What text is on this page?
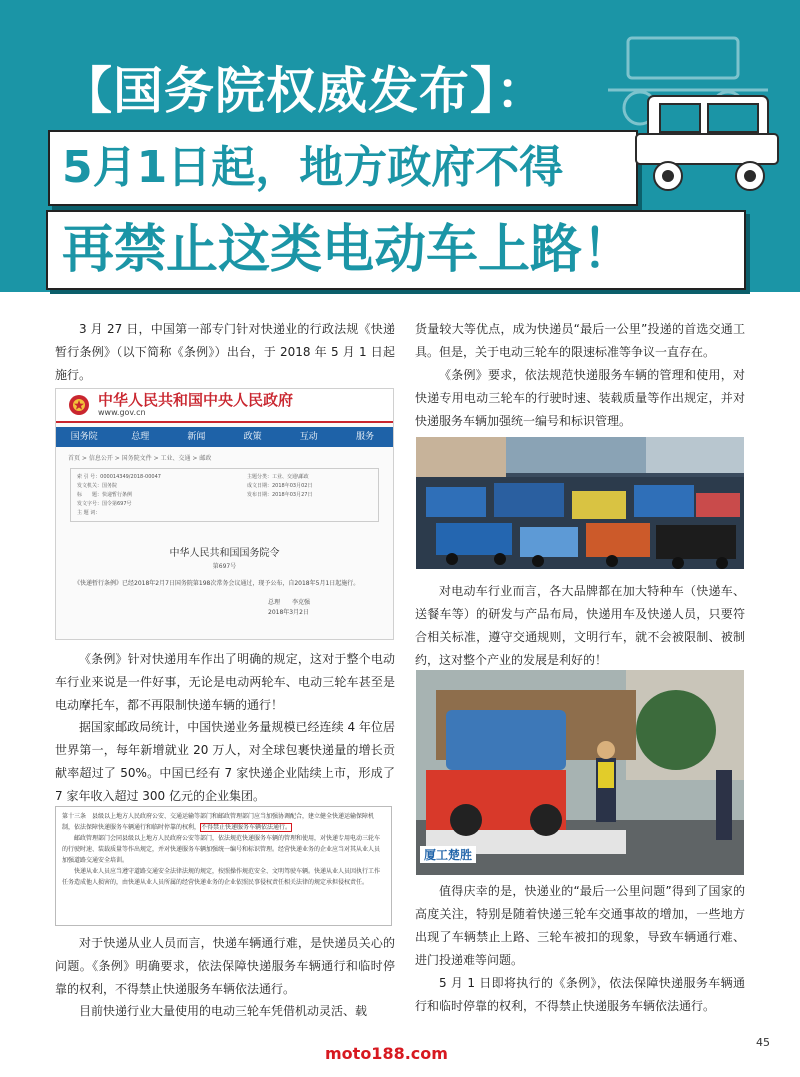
【国务院权威发布】：
5月1日起，地方政府不得
再禁止这类电动车上路！

3 月 27 日，中国第一部专门针对快递业的行政法规《快递暂行条例》（以下简称《条例》）出台，于 2018 年 5 月 1 日起施行。

中华人民共和国中央人民政府
www.gov.cn
国务院	总理	新闻	政策	互动	服务
首页 > 信息公开 > 国务院文件 > 工业、交通 > 邮政
索 引 号：000014349/2018-00047
发文机关：国务院
标　　题：快递暂行条例
发文字号：国令第697号
主 题 词：
主题分类：工业、交通\邮政
成文日期：2018年03月02日
发布日期：2018年03月27日
中华人民共和国国务院令
第697号
《快递暂行条例》已经2018年2月7日国务院第198次常务会议通过，现予公布，自2018年5月1日起施行。
总理　　李克强
2018年3月2日

《条例》针对快递用车作出了明确的规定，这对于整个电动车行业来说是一件好事，无论是电动两轮车、电动三轮车甚至是电动摩托车，都不再限制快递车辆的通行！

据国家邮政局统计，中国快递业务量规模已经连续 4 年位居世界第一，每年新增就业 20 万人，对全球包裹快递量的增长贡献率超过了 50%。中国已经有 7 家快递企业陆续上市，形成了 7 家年收入超过 300 亿元的企业集团。

第十三条　县级以上地方人民政府公安、交通运输等部门和邮政管理部门应当加强协调配合，建立健全快递运输保障机制，依法保障快递服务车辆通行和临时停靠的权利，不得禁止快递服务车辆依法通行。
邮政管理部门会同县级以上地方人民政府公安等部门，依法规范快递服务车辆的管理和使用，对快递专用电动三轮车的行驶时速、装载质量等作出规定，并对快递服务车辆加强统一编号和标识管理。经营快递业务的企业应当对其从业人员加强道路交通安全培训。
快递从业人员应当遵守道路交通安全法律法规的规定，按照操作规范安全、文明驾驶车辆。快递从业人员因执行工作任务造成他人损害的，由快递从业人员所属的经营快递业务的企业依照民事侵权责任相关法律的规定承担侵权责任。

对于快递从业人员而言，快递车辆通行难，是快递员关心的问题。《条例》明确要求，依法保障快递服务车辆通行和临时停靠的权利，不得禁止快递服务车辆依法通行。

目前快递行业大量使用的电动三轮车凭借机动灵活、载

货量较大等优点，成为快递员“最后一公里”投递的首选交通工具。但是，关于电动三轮车的限速标准等争议一直存在。

《条例》要求，依法规范快递服务车辆的管理和使用，对快递专用电动三轮车的行驶时速、装载质量等作出规定，并对快递服务车辆加强统一编号和标识管理。

对电动车行业而言，各大品牌都在加大特种车（快递车、送餐车等）的研发与产品布局，快递用车及快递人员，只要符合相关标准，遵守交通规则，文明行车，就不会被限制、被制约，这对整个产业的发展是利好的！

厦工楚胜

值得庆幸的是，快递业的“最后一公里问题”得到了国家的高度关注，特别是随着快递三轮车交通事故的增加，一些地方出现了车辆禁止上路、三轮车被扣的现象，导致车辆通行难、进门投递难等问题。

5 月 1 日即将执行的《条例》，依法保障快递服务车辆通行和临时停靠的权利，不得禁止快递服务车辆依法通行。

45
moto188.com
